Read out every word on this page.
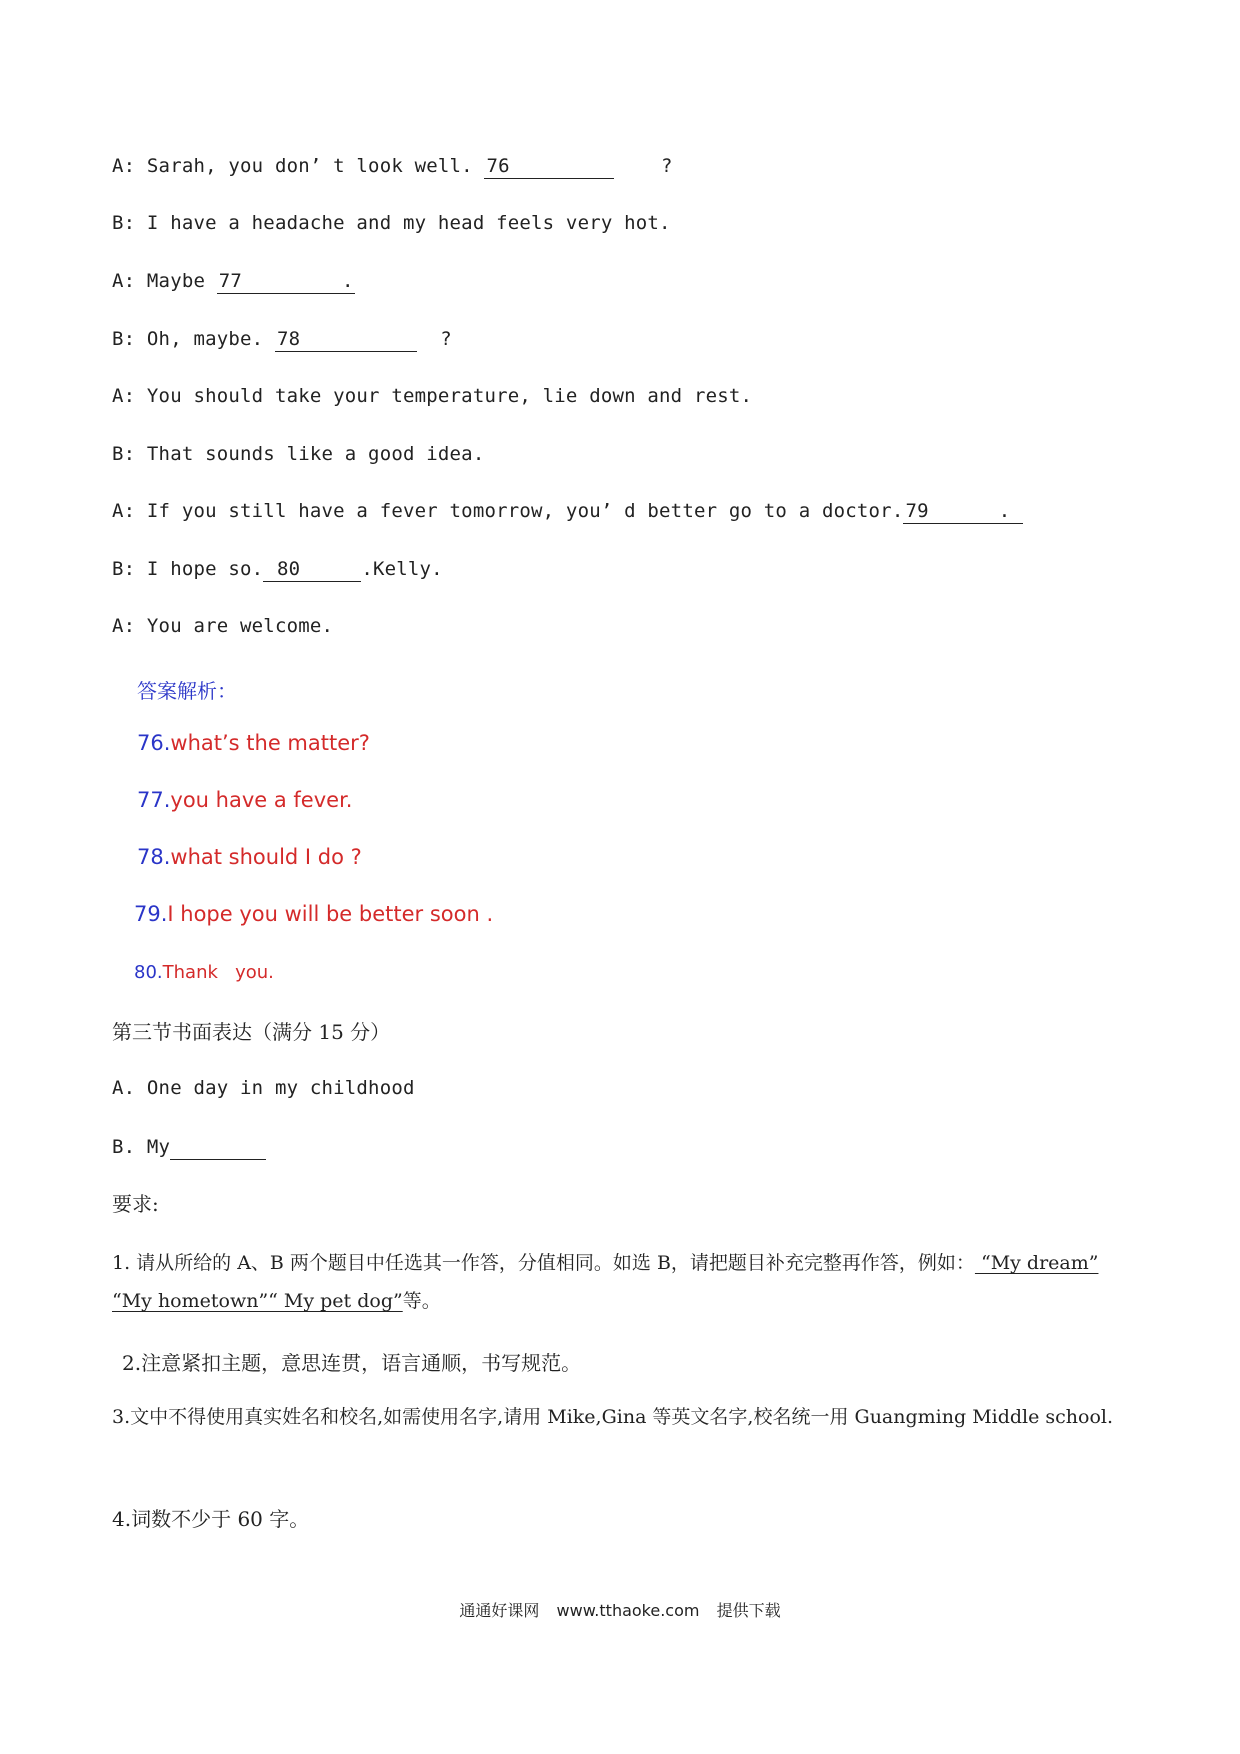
A: Sarah, you don’ t look well. 76	?
B: I have a headache and my head feels very hot.
A: Maybe 77	.
B: Oh, maybe. 78	?
A: You should take your temperature, lie down and rest.
B: That sounds like a good idea.
A: If you still have a fever tomorrow, you’ d better go to a doctor. 79	.
B: I hope so. 80	.Kelly.
A: You are welcome.
答案解析：
76.what’s the matter?
77.you have a fever.
78.what should I do ?
79.I hope you will be better soon .
80.Thank   you.
第三节书面表达（满分 15 分）
A. One day in my childhood
B. My
要求:
1. 请从所给的 A、B 两个题目中任选其一作答，分值相同。如选 B，请把题目补充完整再作答，例如： “My dream” “My hometown”“ My pet dog”等。
2.注意紧扣主题，意思连贯，语言通顺，书写规范。
3.文中不得使用真实姓名和校名,如需使用名字,请用 Mike,Gina 等英文名字,校名统一用 Guangming Middle school.
4.词数不少于 60 字。
通通好课网 www.tthaoke.com 提供下载
